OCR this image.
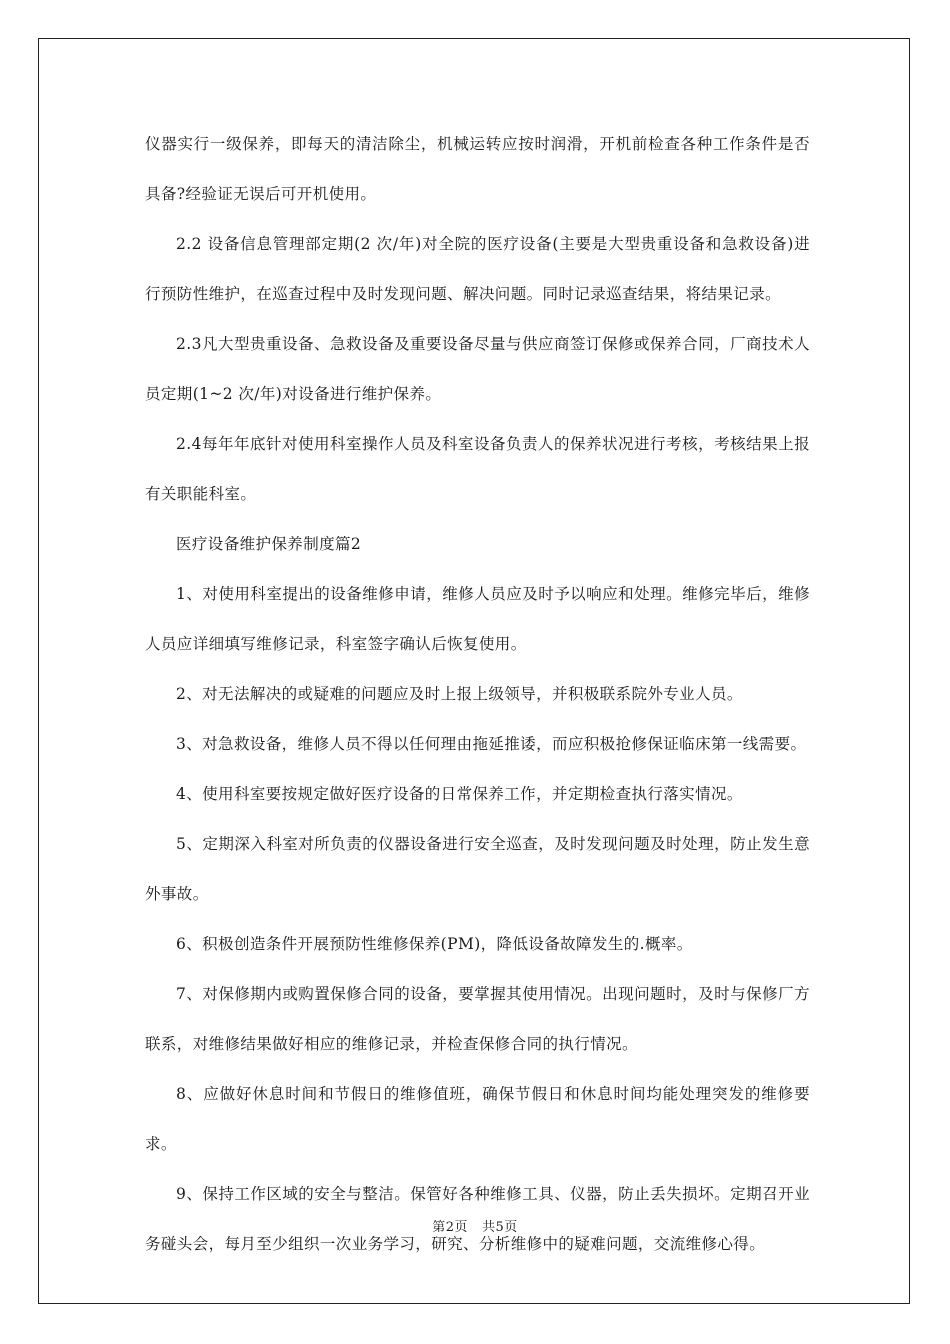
仪器实行一级保养，即每天的清洁除尘，机械运转应按时润滑，开机前检查各种工作条件是否具备?经验证无误后可开机使用。

2.2 设备信息管理部定期(2 次/年)对全院的医疗设备(主要是大型贵重设备和急救设备)进行预防性维护，在巡查过程中及时发现问题、解决问题。同时记录巡查结果，将结果记录。

2.3凡大型贵重设备、急救设备及重要设备尽量与供应商签订保修或保养合同，厂商技术人员定期(1~2 次/年)对设备进行维护保养。

2.4每年年底针对使用科室操作人员及科室设备负责人的保养状况进行考核，考核结果上报有关职能科室。

医疗设备维护保养制度篇2

1、对使用科室提出的设备维修申请，维修人员应及时予以响应和处理。维修完毕后，维修人员应详细填写维修记录，科室签字确认后恢复使用。

2、对无法解决的或疑难的问题应及时上报上级领导，并积极联系院外专业人员。

3、对急救设备，维修人员不得以任何理由拖延推诿，而应积极抢修保证临床第一线需要。

4、使用科室要按规定做好医疗设备的日常保养工作，并定期检查执行落实情况。

5、定期深入科室对所负责的仪器设备进行安全巡查，及时发现问题及时处理，防止发生意外事故。

6、积极创造条件开展预防性维修保养(PM)，降低设备故障发生的.概率。

7、对保修期内或购置保修合同的设备，要掌握其使用情况。出现问题时，及时与保修厂方联系，对维修结果做好相应的维修记录，并检查保修合同的执行情况。

8、应做好休息时间和节假日的维修值班，确保节假日和休息时间均能处理突发的维修要求。

9、保持工作区域的安全与整洁。保管好各种维修工具、仪器，防止丢失损坏。定期召开业务碰头会，每月至少组织一次业务学习，研究、分析维修中的疑难问题，交流维修心得。

第2页 共5页
